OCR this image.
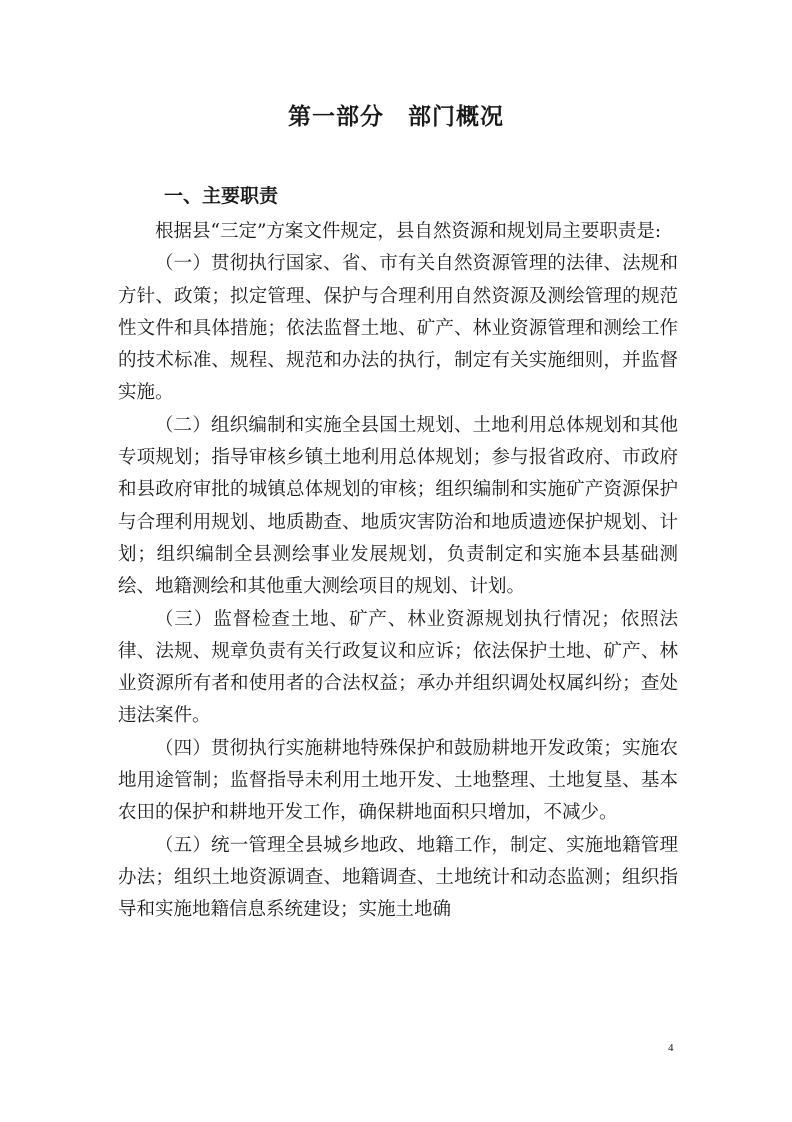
第一部分　部门概况
一、主要职责

根据县“三定”方案文件规定，县自然资源和规划局主要职责是:

（一）贯彻执行国家、省、市有关自然资源管理的法律、法规和方针、政策；拟定管理、保护与合理利用自然资源及测绘管理的规范性文件和具体措施；依法监督土地、矿产、林业资源管理和测绘工作的技术标准、规程、规范和办法的执行，制定有关实施细则，并监督实施。

（二）组织编制和实施全县国土规划、土地利用总体规划和其他专项规划；指导审核乡镇土地利用总体规划；参与报省政府、市政府和县政府审批的城镇总体规划的审核；组织编制和实施矿产资源保护与合理利用规划、地质勘查、地质灾害防治和地质遗迹保护规划、计划；组织编制全县测绘事业发展规划，负责制定和实施本县基础测绘、地籍测绘和其他重大测绘项目的规划、计划。

（三）监督检查土地、矿产、林业资源规划执行情况；依照法律、法规、规章负责有关行政复议和应诉；依法保护土地、矿产、林业资源所有者和使用者的合法权益；承办并组织调处权属纠纷；查处违法案件。

（四）贯彻执行实施耕地特殊保护和鼓励耕地开发政策；实施农地用途管制；监督指导未利用土地开发、土地整理、土地复垦、基本农田的保护和耕地开发工作，确保耕地面积只增加，不减少。

（五）统一管理全县城乡地政、地籍工作，制定、实施地籍管理办法；组织土地资源调查、地籍调查、土地统计和动态监测；组织指导和实施地籍信息系统建设；实施土地确

4
